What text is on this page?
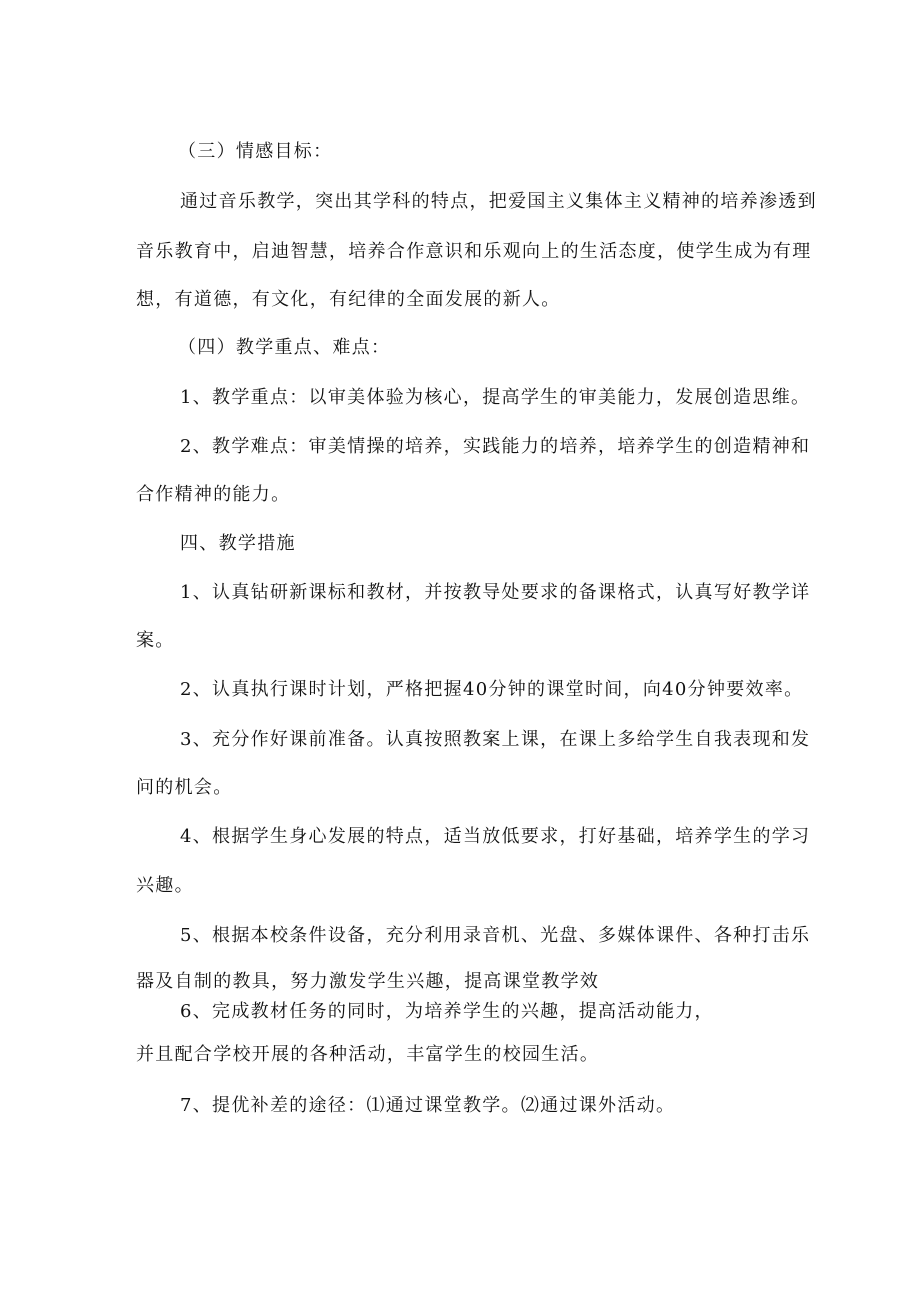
（三）情感目标：
通过音乐教学，突出其学科的特点，把爱国主义集体主义精神的培养渗透到
音乐教育中，启迪智慧，培养合作意识和乐观向上的生活态度，使学生成为有理
想，有道德，有文化，有纪律的全面发展的新人。
（四）教学重点、难点：
1、教学重点：以审美体验为核心，提高学生的审美能力，发展创造思维。
2、教学难点：审美情操的培养，实践能力的培养，培养学生的创造精神和
合作精神的能力。
四、教学措施
1、认真钻研新课标和教材，并按教导处要求的备课格式，认真写好教学详
案。
2、认真执行课时计划，严格把握40分钟的课堂时间，向40分钟要效率。
3、充分作好课前准备。认真按照教案上课，在课上多给学生自我表现和发
问的机会。
4、根据学生身心发展的特点，适当放低要求，打好基础，培养学生的学习
兴趣。
5、根据本校条件设备，充分利用录音机、光盘、多媒体课件、各种打击乐
器及自制的教具，努力激发学生兴趣，提高课堂教学效
6、完成教材任务的同时，为培养学生的兴趣，提高活动能力，
并且配合学校开展的各种活动，丰富学生的校园生活。
7、提优补差的途径：⑴通过课堂教学。⑵通过课外活动。
